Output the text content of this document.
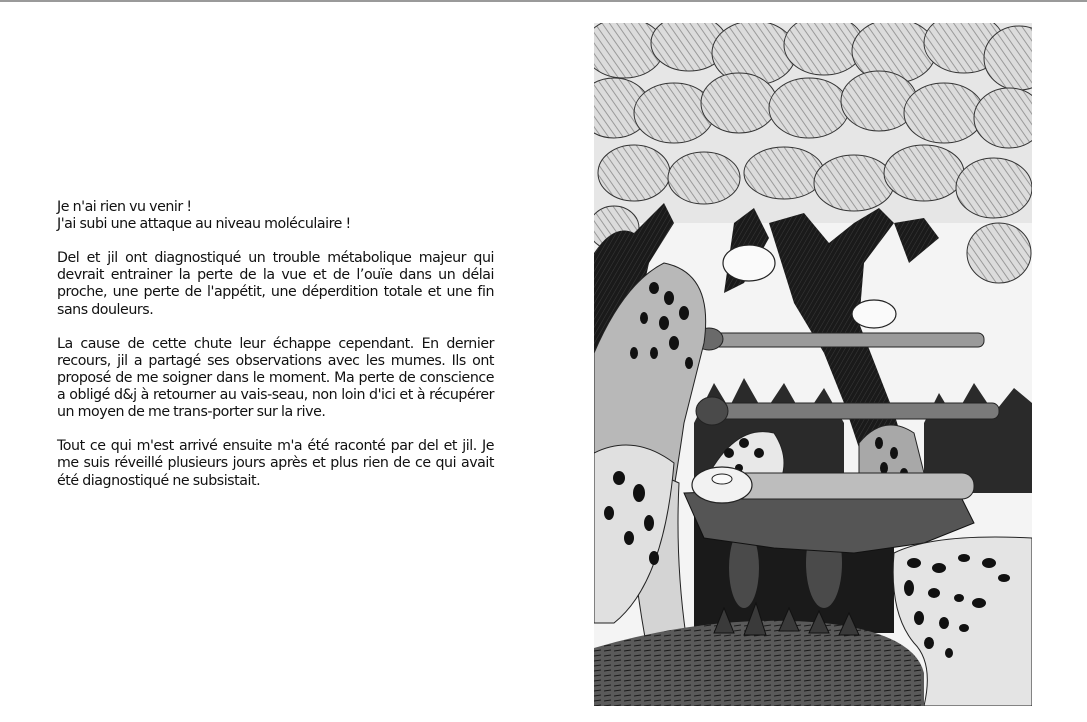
Je n'ai rien vu venir !
J'ai subi une attaque au niveau moléculaire !

Del et jil ont diagnostiqué un trouble métabolique majeur qui devrait entrainer la perte de la vue et de l’ouïe dans un délai proche, une perte de l'appétit, une déperdition totale et une fin sans douleurs.

La cause de cette chute leur échappe cependant. En dernier recours, jil a partagé ses observations avec les mumes. Ils ont proposé de me soigner dans le moment. Ma perte de conscience a obligé d&j à retourner au vais-seau, non loin d'ici et à récupérer un moyen de me trans-porter sur la rive.

Tout ce qui m'est arrivé ensuite m'a été raconté par del et jil. Je me suis réveillé plusieurs jours après et plus rien de ce qui avait été diagnostiqué ne subsistait.
